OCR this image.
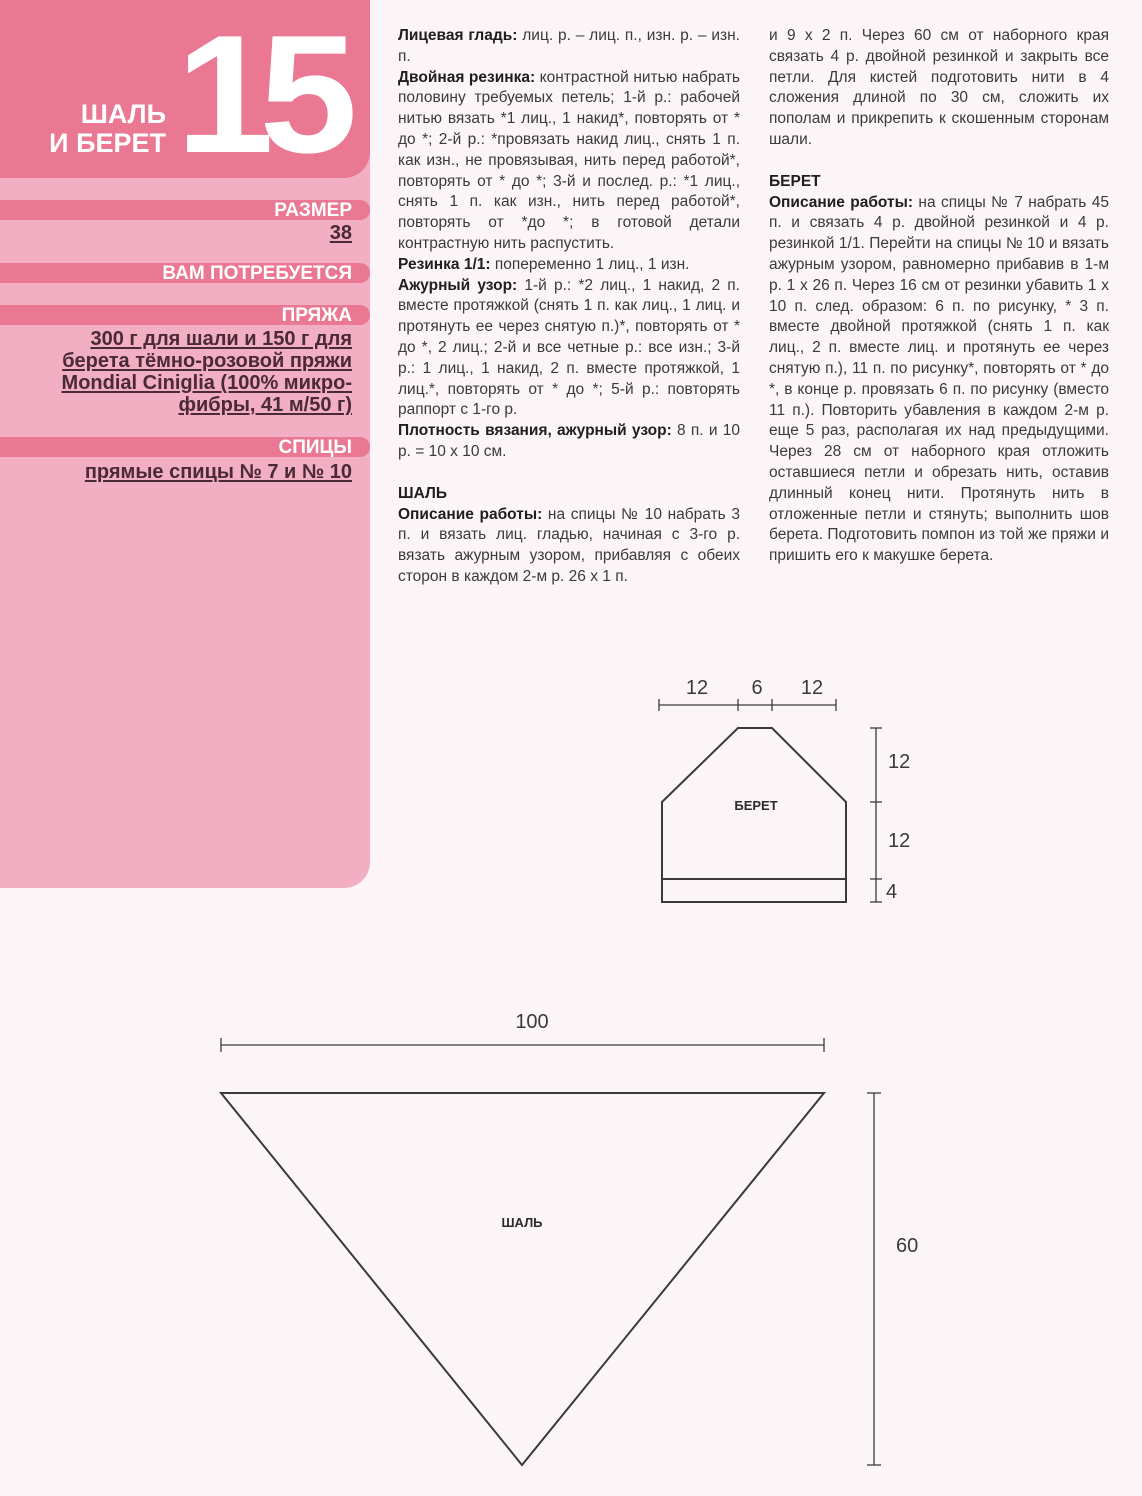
ШАЛЬ
И БЕРЕТ 15
РАЗМЕР
38
ВАМ ПОТРЕБУЕТСЯ
ПРЯЖА
300 г для шали и 150 г для берета тёмно-розовой пряжи Mondial Ciniglia (100% микро- фибры, 41 м/50 г)
СПИЦЫ
прямые спицы № 7 и № 10

Лицевая гладь: лиц. р. – лиц. п., изн. р. – изн. п.

Двойная резинка: контрастной нитью набрать половину требуемых петель; 1-й р.: рабочей нитью вязать *1 лиц., 1 накид*, повторять от * до *; 2-й р.: *провязать накид лиц., снять 1 п. как изн., не провязывая, нить перед работой*, повторять от * до *; 3-й и послед. р.: *1 лиц., снять 1 п. как изн., нить перед работой*, повторять от *до *; в готовой детали контрастную нить распустить.

Резинка 1/1: попеременно 1 лиц., 1 изн.

Ажурный узор: 1-й р.: *2 лиц., 1 накид, 2 п. вместе протяжкой (снять 1 п. как лиц., 1 лиц. и протянуть ее через снятую п.)*, повторять от * до *, 2 лиц.; 2-й и все четные р.: все изн.; 3-й р.: 1 лиц., 1 накид, 2 п. вместе протяжкой, 1 лиц.*, повторять от * до *; 5-й р.: повторять раппорт с 1-го р.

Плотность вязания, ажурный узор: 8 п. и 10 р. = 10 x 10 см.

ШАЛЬ

Описание работы: на спицы № 10 набрать 3 п. и вязать лиц. гладью, начиная с 3-го р. вязать ажурным узором, прибавляя с обеих сторон в каждом 2-м р. 26 x 1 п.

и 9 x 2 п. Через 60 см от наборного края связать 4 р. двойной резинкой и закрыть все петли. Для кистей подготовить нити в 4 сложения длиной по 30 см, сложить их пополам и прикрепить к скошенным сторонам шали.

БЕРЕТ

Описание работы: на спицы № 7 набрать 45 п. и связать 4 р. двойной резинкой и 4 р. резинкой 1/1. Перейти на спицы № 10 и вязать ажурным узором, равномерно прибавив в 1-м р. 1 x 26 п. Через 16 см от резинки убавить 1 x 10 п. след. образом: 6 п. по рисунку, * 3 п. вместе двойной протяжкой (снять 1 п. как лиц., 2 п. вместе лиц. и протянуть ее через снятую п.), 11 п. по рисунку*, повторять от * до *, в конце р. провязать 6 п. по рисунку (вместо 11 п.). Повторить убавления в каждом 2-м р. еще 5 раз, располагая их над предыдущими. Через 28 см от наборного края отложить оставшиеся петли и обрезать нить, оставив длинный конец нити. Протянуть нить в отложенные петли и стянуть; выполнить шов берета. Подготовить помпон из той же пряжи и пришить его к макушке берета.

12 6 12
12
12
4
БЕРЕТ
100
60
ШАЛЬ
